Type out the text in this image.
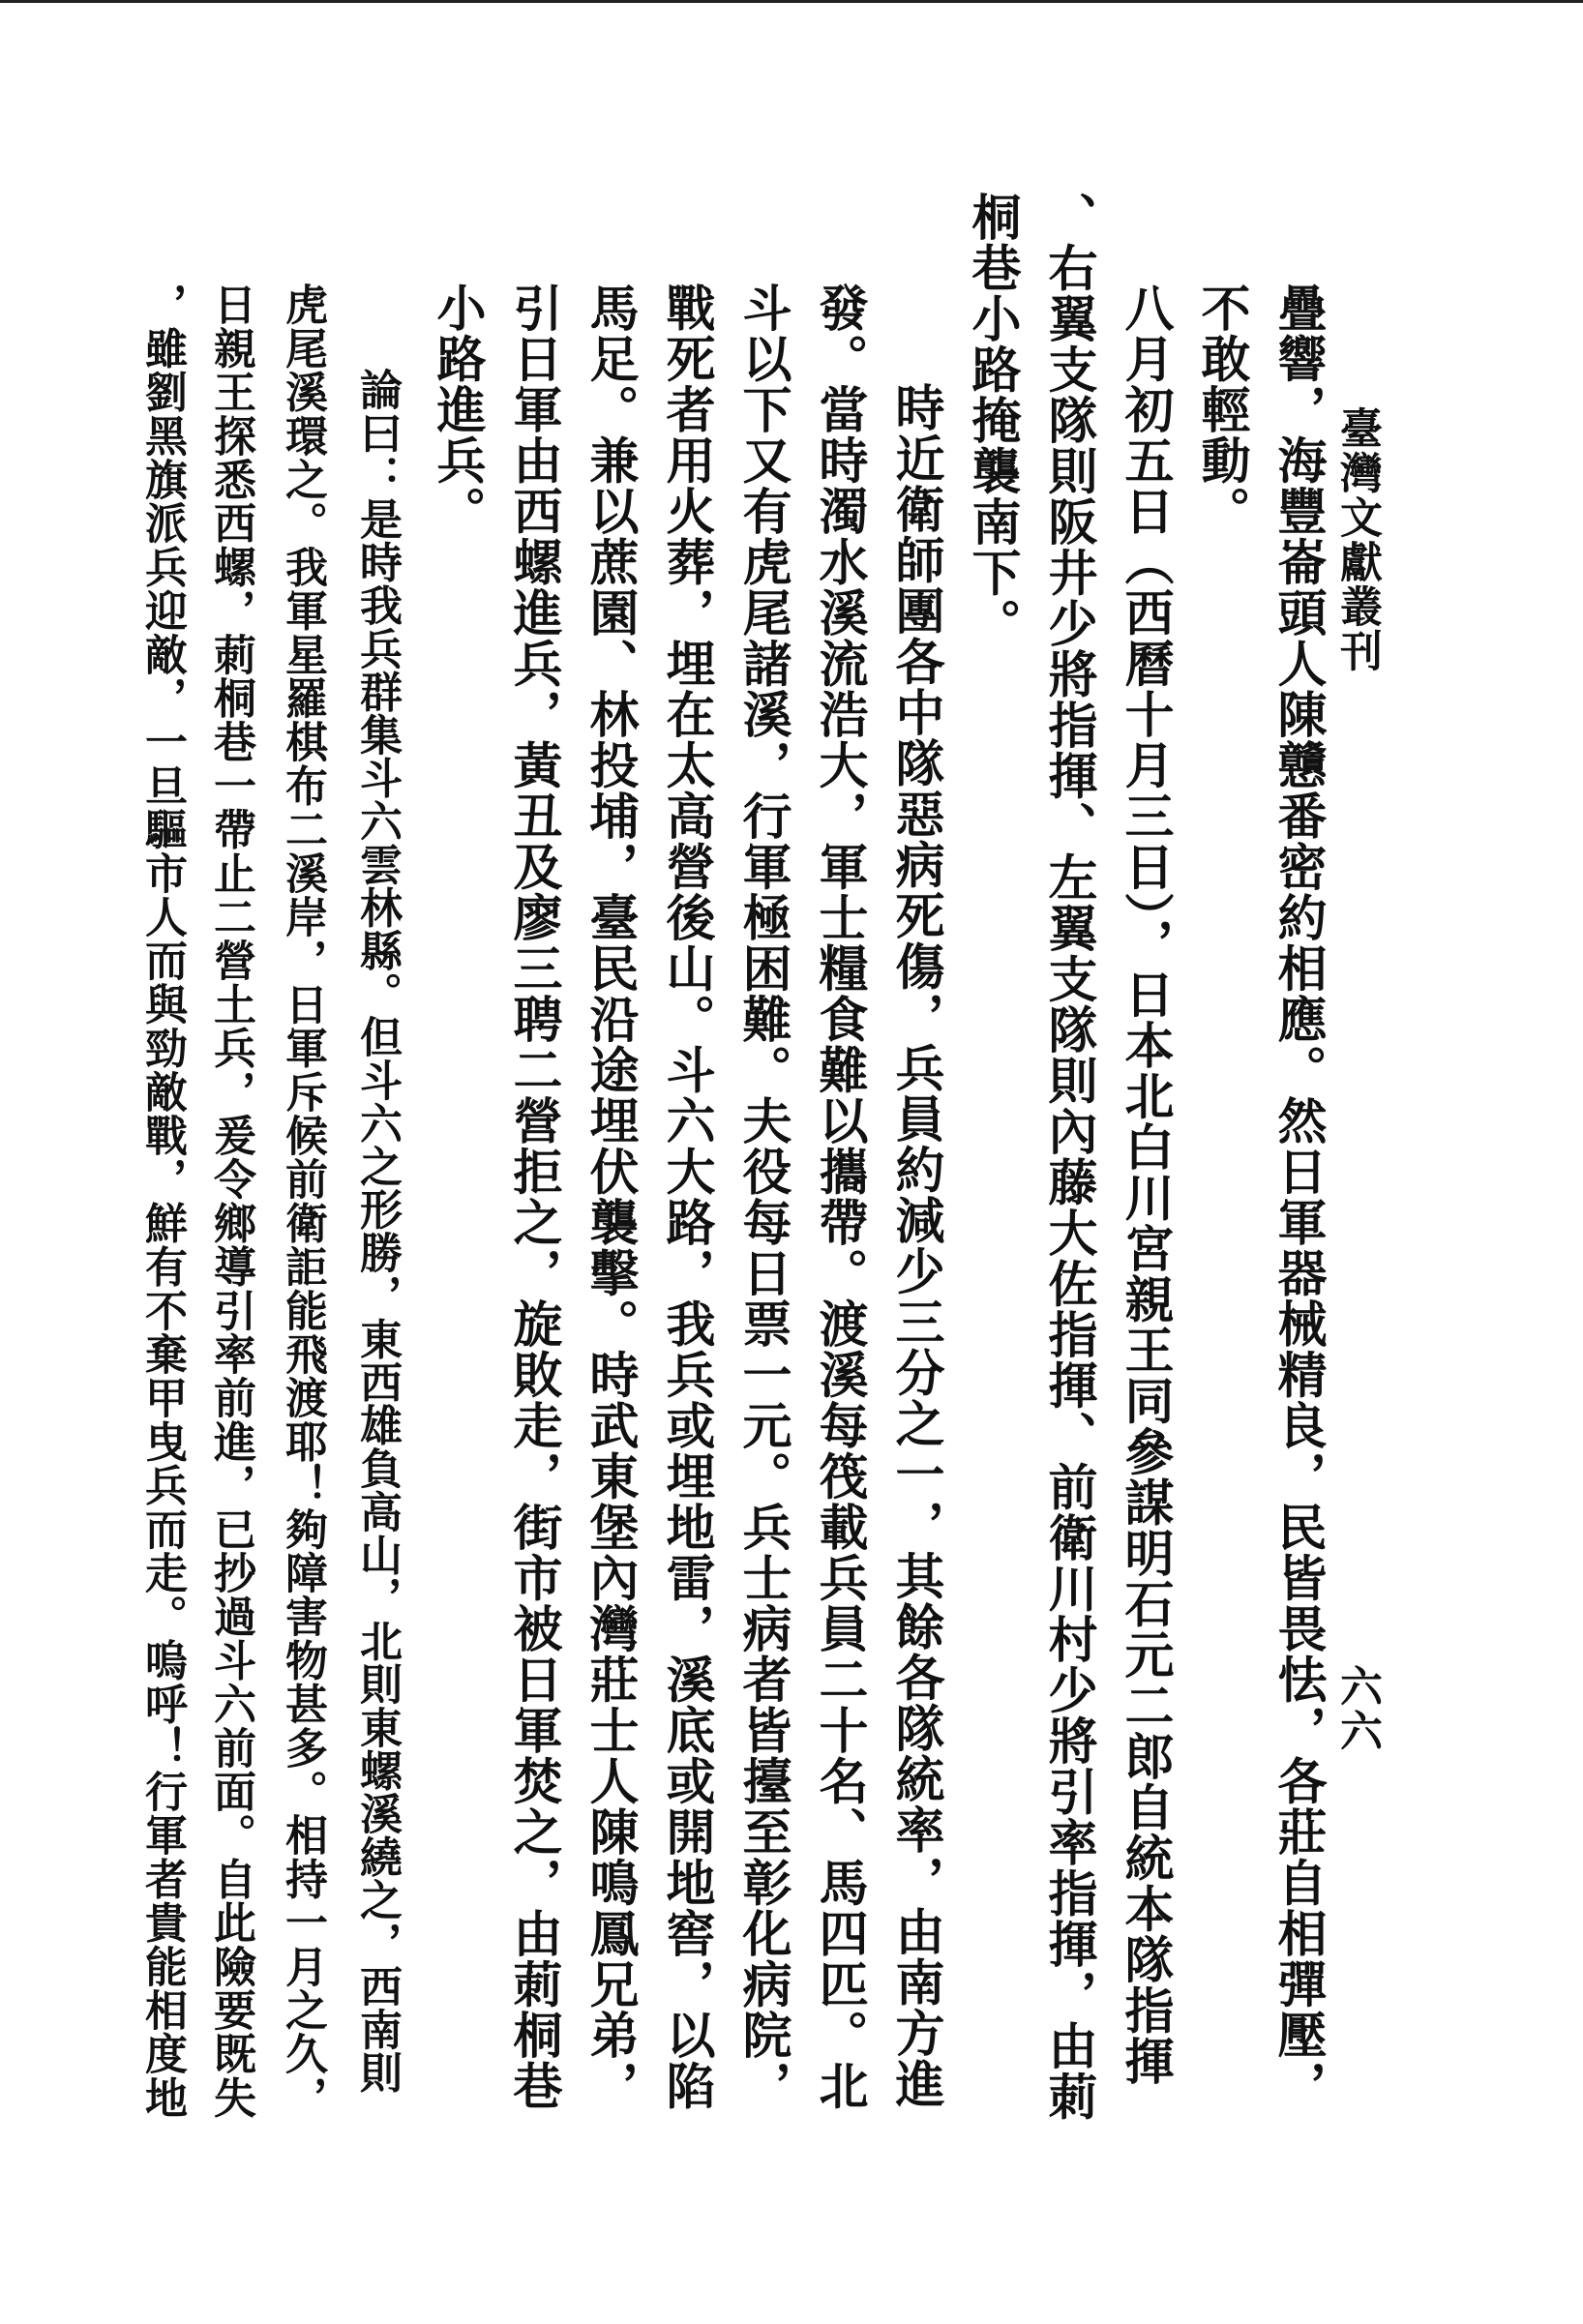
臺灣文獻叢刊
六六
疊響，海豐崙頭人陳戇番密約相應。然日軍器械精良，民皆畏怯，各莊自相彈壓，
不敢輕動。
八月初五日（西曆十月三日），日本北白川宮親王同參謀明石元二郎自統本隊指揮
、右翼支隊則阪井少將指揮、左翼支隊則內藤大佐指揮、前衛川村少將引率指揮，由莿
桐巷小路掩襲南下。
時近衛師團各中隊惡病死傷，兵員約減少三分之一，其餘各隊統率，由南方進
發。當時濁水溪流浩大，軍士糧食難以攜帶。渡溪每筏載兵員二十名、馬四匹。北
斗以下又有虎尾諸溪，行軍極困難。夫役每日票一元。兵士病者皆擡至彰化病院，
戰死者用火葬，埋在太高營後山。斗六大路，我兵或埋地雷，溪底或開地窖，以陷
馬足。兼以蔗園、林投埔，臺民沿途埋伏襲擊。時武東堡內灣莊士人陳鳴鳳兄弟，
引日軍由西螺進兵，黃丑及廖三聘二營拒之，旋敗走，街市被日軍焚之，由莿桐巷
小路進兵。
論曰：是時我兵群集斗六雲林縣。但斗六之形勝，東西雄負高山，北則東螺溪繞之，西南則
虎尾溪環之。我軍星羅棋布二溪岸，日軍斥候前衛詎能飛渡耶！夠障害物甚多。相持一月之久，
日親王探悉西螺，莿桐巷一帶止二營土兵，爰令鄉導引率前進，已抄過斗六前面。自此險要既失
，雖劉黑旗派兵迎敵，一旦驅市人而與勁敵戰，鮮有不棄甲曳兵而走。嗚呼！行軍者貴能相度地
